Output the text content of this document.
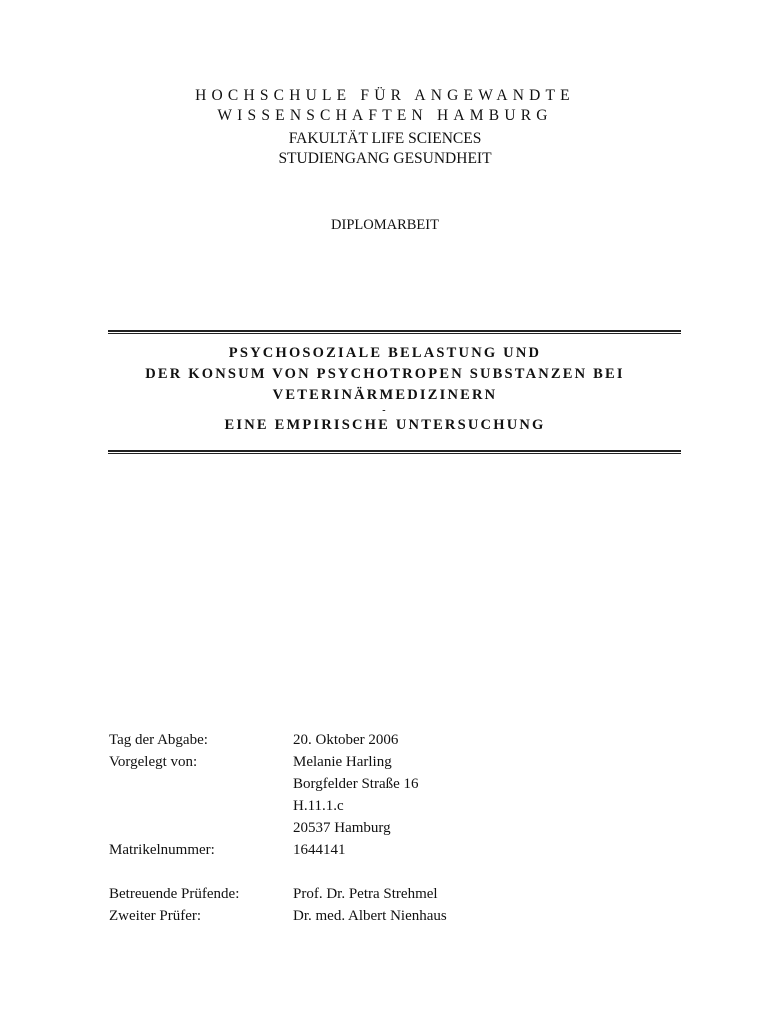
HOCHSCHULE FÜR ANGEWANDTE
WISSENSCHAFTEN HAMBURG
FAKULTÄT LIFE SCIENCES
STUDIENGANG GESUNDHEIT
DIPLOMARBEIT
PSYCHOSOZIALE BELASTUNG UND
DER KONSUM VON PSYCHOTROPEN SUBSTANZEN BEI
VETERINÄRMEDIZINERN
-
EINE EMPIRISCHE UNTERSUCHUNG
Tag der Abgabe:	20. Oktober 2006
Vorgelegt von:	Melanie Harling
Borgfelder Straße 16
H.11.1.c
20537 Hamburg
Matrikelnummer:	1644141
Betreuende Prüfende:	Prof. Dr. Petra Strehmel
Zweiter Prüfer:	Dr. med. Albert Nienhaus
